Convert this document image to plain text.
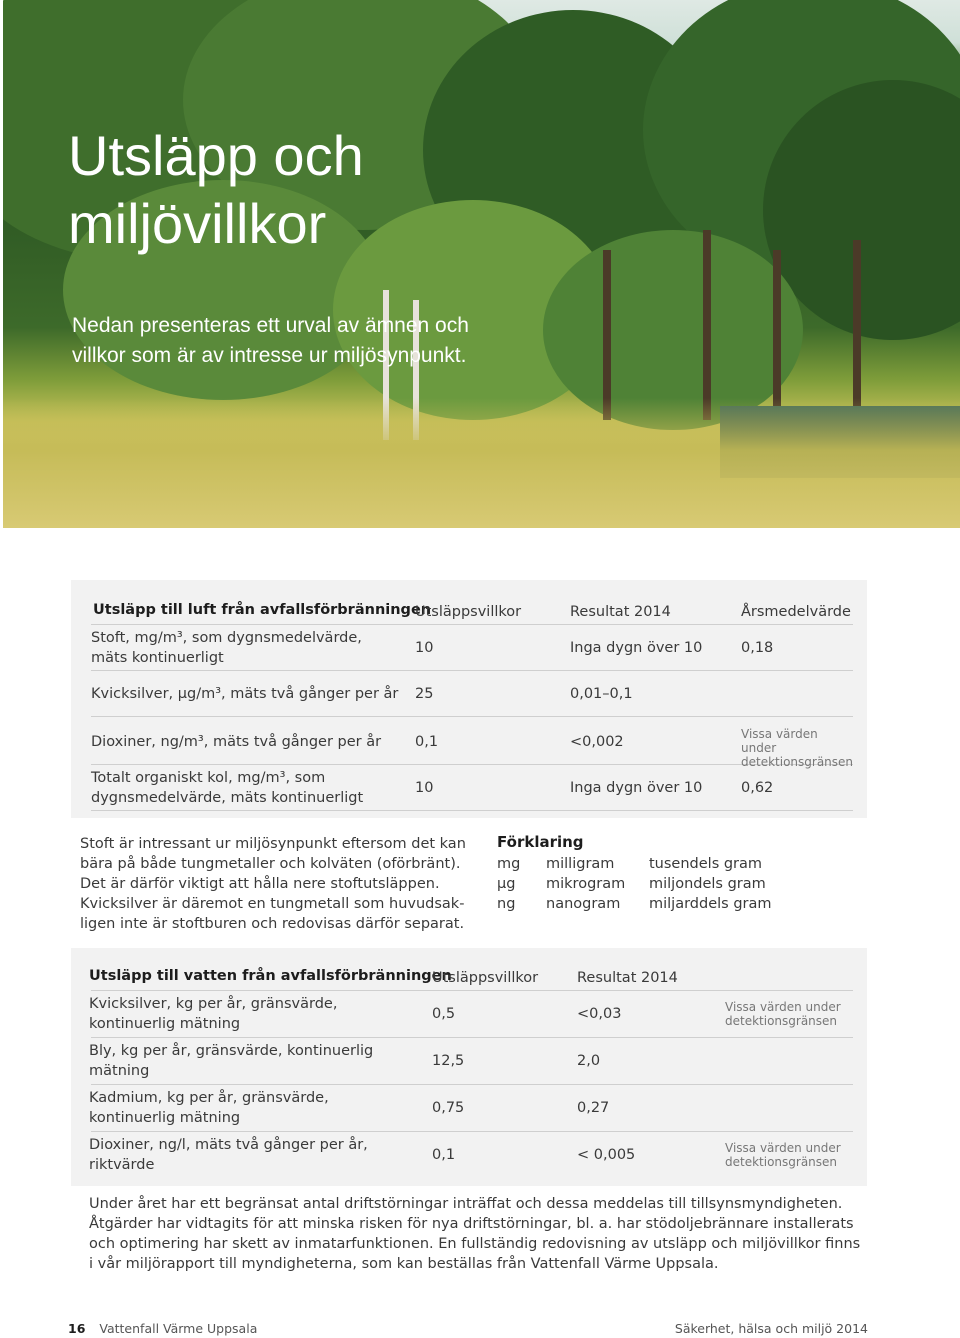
Utsläpp och
miljövillkor
Nedan presenteras ett urval av ämnen och
villkor som är av intresse ur miljösynpunkt.
Utsläpp till luft från avfallsförbränningen
Utsläppsvillkor	Resultat 2014	Årsmedelvärde
Stoft, mg/m³, som dygnsmedelvärde,
mäts kontinuerligt
10	Inga dygn över 10	0,18
Kvicksilver, µg/m³, mäts två gånger per år 25	0,01–0,1
Dioxiner, ng/m³, mäts två gånger per år 0,1	<0,002	Vissa värden under
detektionsgränsen
Totalt organiskt kol, mg/m³, som
dygnsmedelvärde, mäts kontinuerligt
10	Inga dygn över 10	0,62
Stoft är intressant ur miljösynpunkt eftersom det kan
bära på både tungmetaller och kolväten (oförbränt).
Det är därför viktigt att hålla nere stoftutsläppen.
Kvicksilver är däremot en tungmetall som huvudsak-
ligen inte är stoftburen och redovisas därför separat.
Förklaring
mg milligram tusendels gram
µg mikrogram miljondels gram
ng nanogram miljarddels gram
Utsläpp till vatten från avfallsförbränningen
Utsläppsvillkor	Resultat 2014
Kvicksilver, kg per år, gränsvärde,
kontinuerlig mätning
0,5	<0,03	Vissa värden under
detektionsgränsen
Bly, kg per år, gränsvärde, kontinuerlig
mätning
12,5	2,0
Kadmium, kg per år, gränsvärde,
kontinuerlig mätning
0,75	0,27
Dioxiner, ng/l, mäts två gånger per år,
riktvärde
0,1	< 0,005	Vissa värden under
detektionsgränsen
Under året har ett begränsat antal driftstörningar inträffat och dessa meddelas till tillsynsmyndigheten.
Åtgärder har vidtagits för att minska risken för nya driftstörningar, bl. a. har stödoljebrännare installerats
och optimering har skett av inmatarfunktionen. En fullständig redovisning av utsläpp och miljövillkor finns
i vår miljörapport till myndigheterna, som kan beställas från Vattenfall Värme Uppsala.
16 Vattenfall Värme Uppsala	Säkerhet, hälsa och miljö 2014
